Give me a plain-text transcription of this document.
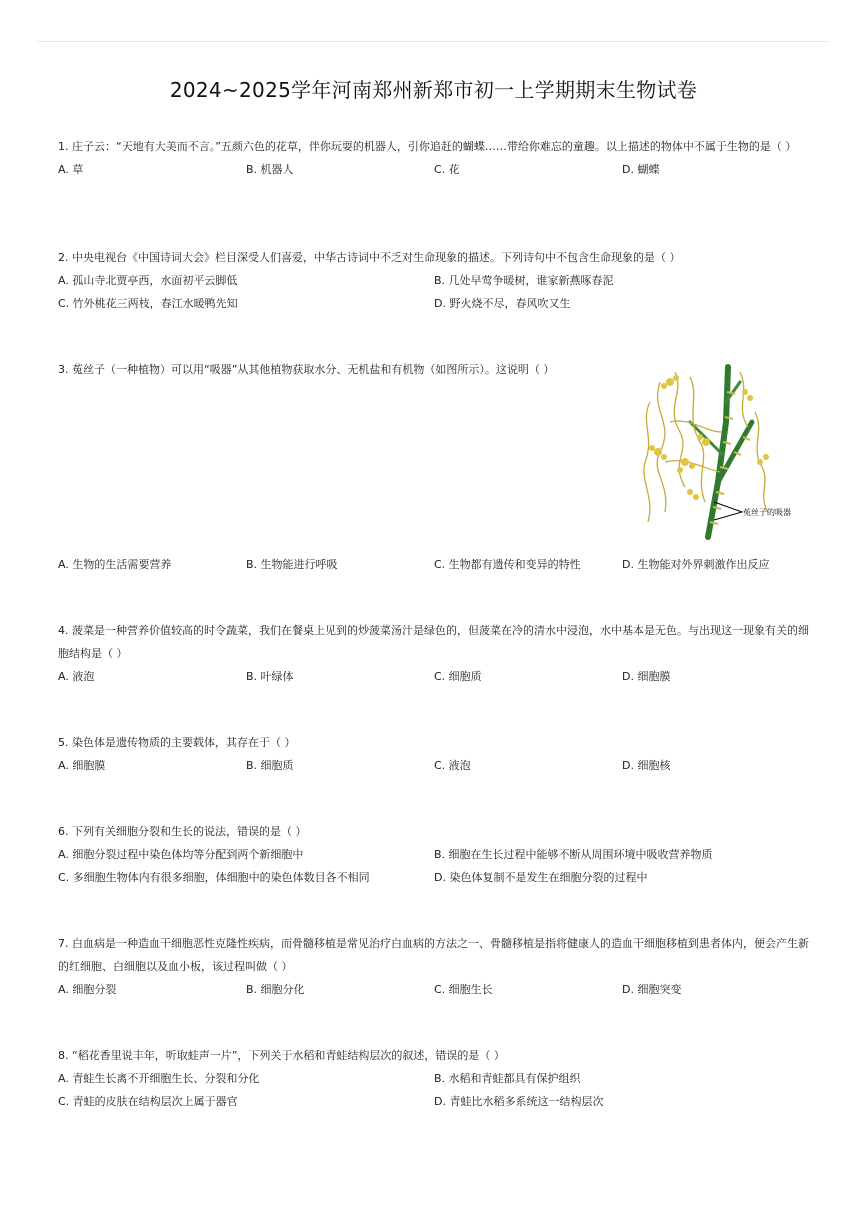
2024~2025学年河南郑州新郑市初一上学期期末生物试卷
1. 庄子云：“天地有大美而不言。”五颜六色的花草，伴你玩耍的机器人，引你追赶的蝴蝶……带给你难忘的童趣。以上描述的物体中不属于生物的是（ ）
A. 草	B. 机器人	C. 花	D. 蝴蝶
2. 中央电视台《中国诗词大会》栏目深受人们喜爱，中华古诗词中不乏对生命现象的描述。下列诗句中不包含生命现象的是（ ）
A. 孤山寺北贾亭西，水面初平云脚低	B. 几处早莺争暖树，谁家新燕啄春泥
C. 竹外桃花三两枝，春江水暖鸭先知	D. 野火烧不尽，春风吹又生
3. 菟丝子（一种植物）可以用“吸器”从其他植物获取水分、无机盐和有机物（如图所示）。这说明（ ）
菟丝子的吸器
A. 生物的生活需要营养	B. 生物能进行呼吸	C. 生物都有遗传和变异的特性	D. 生物能对外界刺激作出反应
4. 菠菜是一种营养价值较高的时令蔬菜，我们在餐桌上见到的炒菠菜汤汁是绿色的，但菠菜在冷的清水中浸泡，水中基本是无色。与出现这一现象有关的细胞结构是（ ）
A. 液泡	B. 叶绿体	C. 细胞质	D. 细胞膜
5. 染色体是遗传物质的主要载体，其存在于（ ）
A. 细胞膜	B. 细胞质	C. 液泡	D. 细胞核
6. 下列有关细胞分裂和生长的说法，错误的是（ ）
A. 细胞分裂过程中染色体均等分配到两个新细胞中	B. 细胞在生长过程中能够不断从周围环境中吸收营养物质
C. 多细胞生物体内有很多细胞，体细胞中的染色体数目各不相同	D. 染色体复制不是发生在细胞分裂的过程中
7. 白血病是一种造血干细胞恶性克隆性疾病，而骨髓移植是常见治疗白血病的方法之一、骨髓移植是指将健康人的造血干细胞移植到患者体内，便会产生新的红细胞、白细胞以及血小板，该过程叫做（ ）
A. 细胞分裂	B. 细胞分化	C. 细胞生长	D. 细胞突变
8. “稻花香里说丰年，听取蛙声一片”，下列关于水稻和青蛙结构层次的叙述，错误的是（ ）
A. 青蛙生长离不开细胞生长、分裂和分化	B. 水稻和青蛙都具有保护组织
C. 青蛙的皮肤在结构层次上属于器官	D. 青蛙比水稻多系统这一结构层次
